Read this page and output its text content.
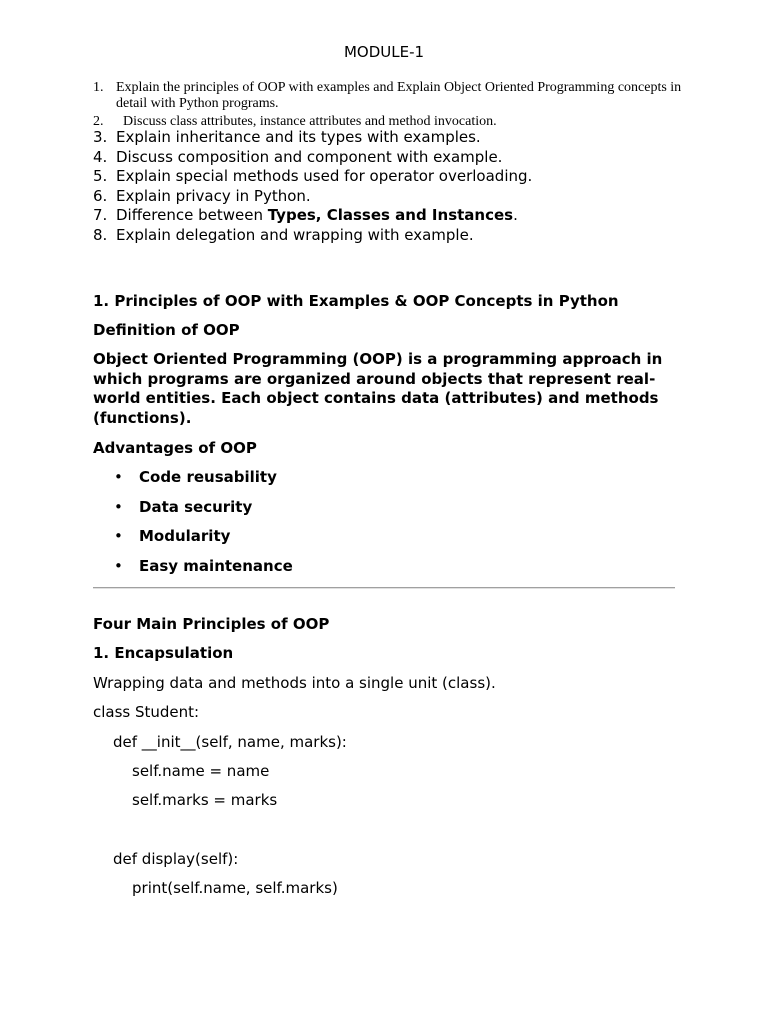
MODULE-1
1. Explain the principles of OOP with examples and Explain Object Oriented Programming concepts in detail with Python programs.
2. Discuss class attributes, instance attributes and method invocation.
3. Explain inheritance and its types with examples.
4. Discuss composition and component with example.
5. Explain special methods used for operator overloading.
6. Explain privacy in Python.
7. Difference between Types, Classes and Instances.
8. Explain delegation and wrapping with example.
1. Principles of OOP with Examples & OOP Concepts in Python
Definition of OOP
Object Oriented Programming (OOP) is a programming approach in which programs are organized around objects that represent real-world entities. Each object contains data (attributes) and methods (functions).
Advantages of OOP
• Code reusability
• Data security
• Modularity
• Easy maintenance
Four Main Principles of OOP
1. Encapsulation
Wrapping data and methods into a single unit (class).
class Student:
def __init__(self, name, marks):
self.name = name
self.marks = marks
def display(self):
print(self.name, self.marks)
